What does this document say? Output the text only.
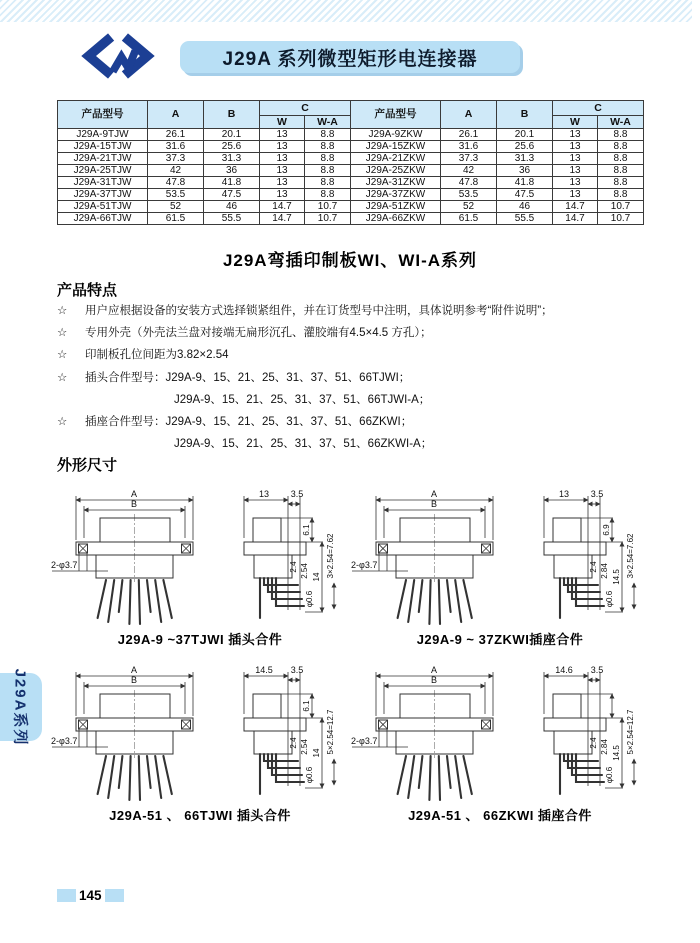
J29A 系列微型矩形电连接器
产品型号	A	B	C	
			W	W-A
J29A-9TJW	26.1	20.1	13	8.8
J29A-15TJW	31.6	25.6	13	8.8
J29A-21TJW	37.3	31.3	13	8.8
J29A-25TJW	42	36	13	8.8
J29A-31TJW	47.8	41.8	13	8.8
J29A-37TJW	53.5	47.5	13	8.8
J29A-51TJW	52	46	14.7	10.7
J29A-66TJW	61.5	55.5	14.7	10.7
产品型号	A	B	C	
			W	W-A
J29A-9ZKW	26.1	20.1	13	8.8
J29A-15ZKW	31.6	25.6	13	8.8
J29A-21ZKW	37.3	31.3	13	8.8
J29A-25ZKW	42	36	13	8.8
J29A-31ZKW	47.8	41.8	13	8.8
J29A-37ZKW	53.5	47.5	13	8.8
J29A-51ZKW	52	46	14.7	10.7
J29A-66ZKW	61.5	55.5	14.7	10.7
J29A弯插印制板WI、WI-A系列
产品特点
☆	用户应根据设备的安装方式选择锁紧组件，并在订货型号中注明，具体说明参考“附件说明”；
☆	专用外壳（外壳法兰盘对接端无扁形沉孔、灌胶端有4.5×4.5 方孔）；
☆	印制板孔位间距为3.82×2.54
☆	插头合件型号：J29A-9、15、21、25、31、37、51、66TJWI；
J29A-9、15、21、25、31、37、51、66TJWI-A；
☆	插座合件型号：J29A-9、15、21、25、31、37、51、66ZKWI；
J29A-9、15、21、25、31、37、51、66ZKWI-A；
外形尺寸
A
B
2-φ3.7
13 3.5
6.1
2.4 2.54 14 3×2.54=7.62
φ0.6
J29A-9 ~37TJWI 插头合件
A
B
2-φ3.7
13 3.5
6.9
2.4 2.84 14.5 3×2.54=7.62
φ0.6
J29A-9 ~ 37ZKWI插座合件
A
B
2-φ3.7
14.5 3.5
6.1
2.4 2.54 14 5×2.54=12.7
φ0.6
J29A-51 、 66TJWI 插头合件
A
B
2-φ3.7
14.6 3.5
2.4 2.84 14.5 5×2.54=12.7
φ0.6
J29A-51 、 66ZKWI 插座合件
J29A系列
145
